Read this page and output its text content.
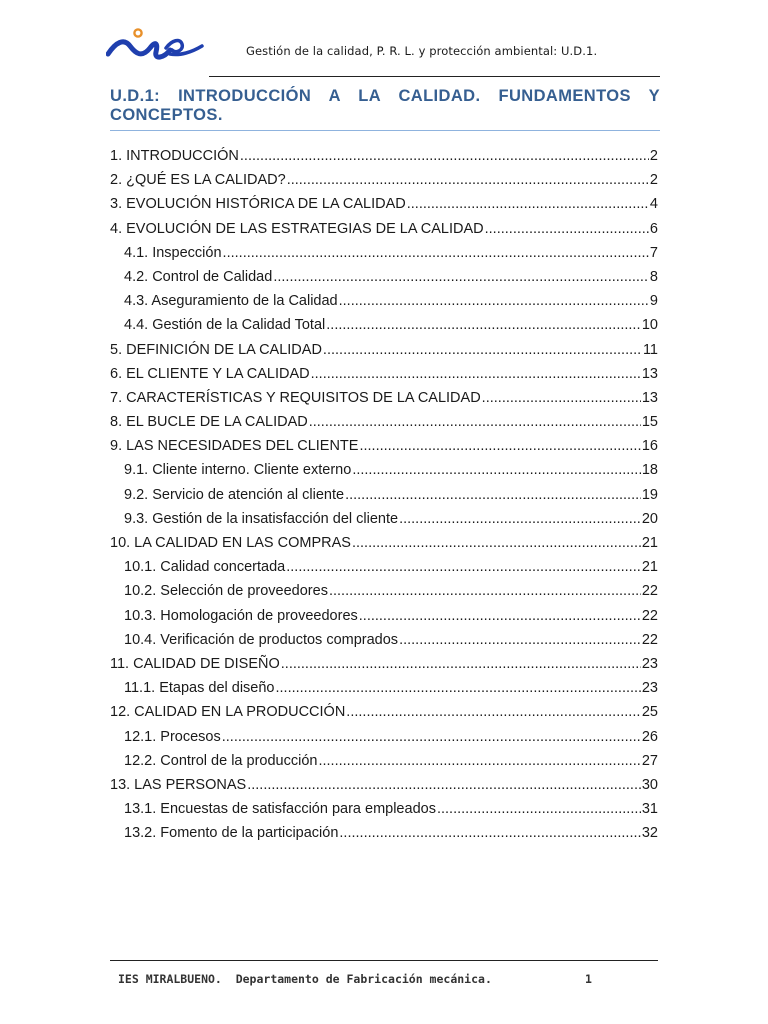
Gestión de la calidad, P. R. L. y protección ambiental: U.D.1.
U.D.1: INTRODUCCIÓN A LA CALIDAD. FUNDAMENTOS Y CONCEPTOS.
1. INTRODUCCIÓN .....	2
2. ¿QUÉ ES LA CALIDAD? .....	2
3. EVOLUCIÓN HISTÓRICA DE LA CALIDAD .....	4
4. EVOLUCIÓN DE LAS ESTRATEGIAS DE LA CALIDAD .....	6
4.1. Inspección .....	7
4.2. Control de Calidad .....	8
4.3. Aseguramiento de la Calidad .....	9
4.4. Gestión de la Calidad Total .....	10
5. DEFINICIÓN DE LA CALIDAD .....	11
6. EL CLIENTE Y LA CALIDAD .....	13
7. CARACTERÍSTICAS Y REQUISITOS DE LA CALIDAD .....	13
8. EL BUCLE DE LA CALIDAD .....	15
9. LAS NECESIDADES DEL CLIENTE .....	16
9.1. Cliente interno. Cliente externo .....	18
9.2. Servicio de atención al cliente .....	19
9.3. Gestión de la insatisfacción del cliente .....	20
10. LA CALIDAD EN LAS COMPRAS .....	21
10.1. Calidad concertada .....	21
10.2. Selección de proveedores .....	22
10.3. Homologación de proveedores .....	22
10.4. Verificación de productos comprados .....	22
11. CALIDAD DE DISEÑO .....	23
11.1. Etapas del diseño .....	23
12. CALIDAD EN LA PRODUCCIÓN .....	25
12.1. Procesos .....	26
12.2. Control de la producción .....	27
13. LAS PERSONAS .....	30
13.1. Encuestas de satisfacción para empleados .....	31
13.2. Fomento de la participación .....	32
IES MIRALBUENO.  Departamento de Fabricación mecánica.	1
